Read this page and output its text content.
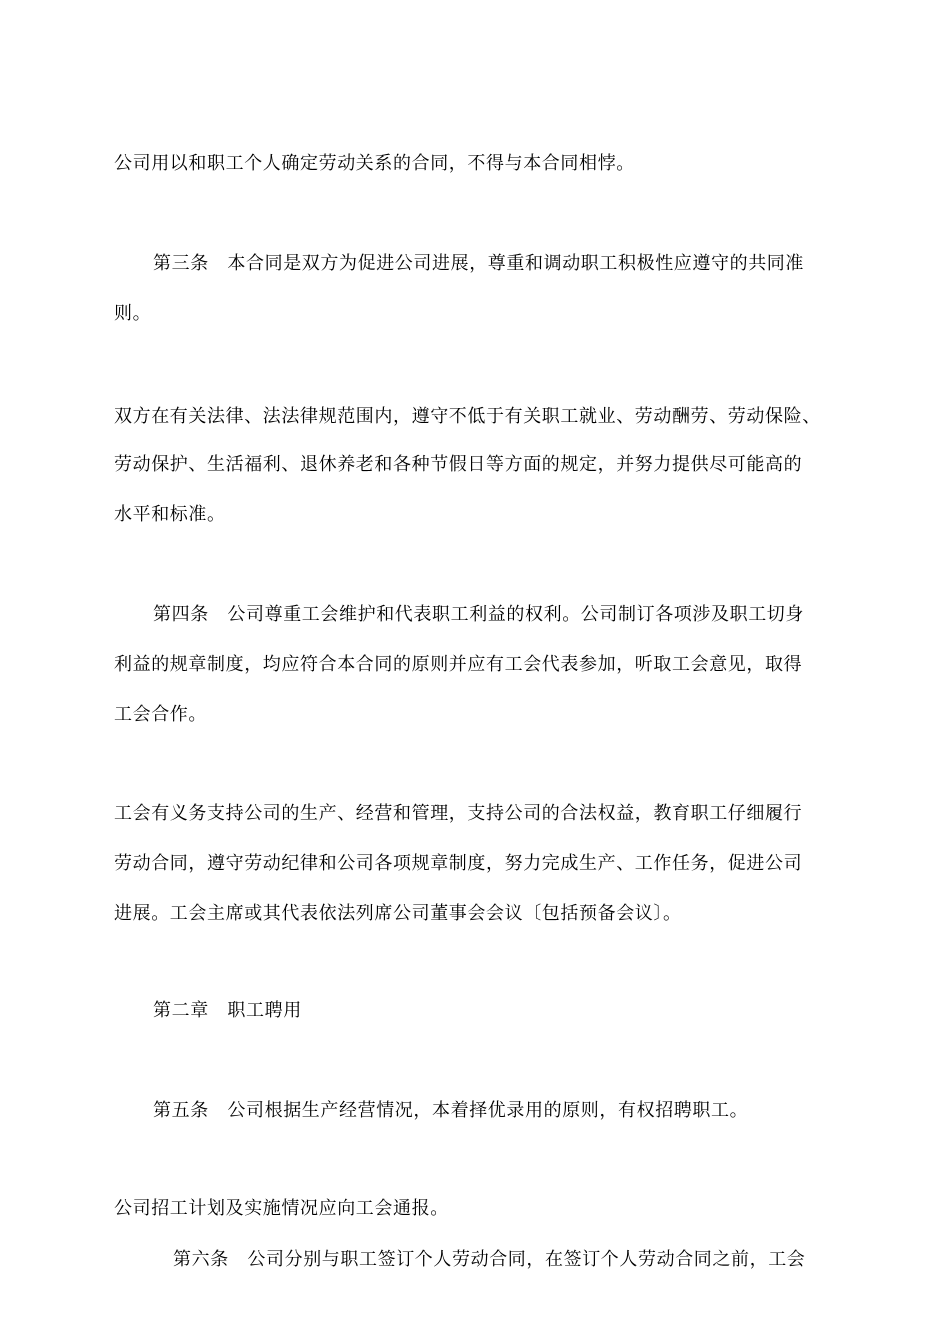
公司用以和职工个人确定劳动关系的合同，不得与本合同相悖。
第三条　本合同是双方为促进公司进展，尊重和调动职工积极性应遵守的共同准
则。
双方在有关法律、法法律规范围内，遵守不低于有关职工就业、劳动酬劳、劳动保险、
劳动保护、生活福利、退休养老和各种节假日等方面的规定，并努力提供尽可能高的
水平和标准。
第四条　公司尊重工会维护和代表职工利益的权利。公司制订各项涉及职工切身
利益的规章制度，均应符合本合同的原则并应有工会代表参加，听取工会意见，取得
工会合作。
工会有义务支持公司的生产、经营和管理，支持公司的合法权益，教育职工仔细履行
劳动合同，遵守劳动纪律和公司各项规章制度，努力完成生产、工作任务，促进公司
进展。工会主席或其代表依法列席公司董事会会议〔包括预备会议〕。
第二章　职工聘用
第五条　公司根据生产经营情况，本着择优录用的原则，有权招聘职工。
公司招工计划及实施情况应向工会通报。
第六条　公司分别与职工签订个人劳动合同，在签订个人劳动合同之前，工会
